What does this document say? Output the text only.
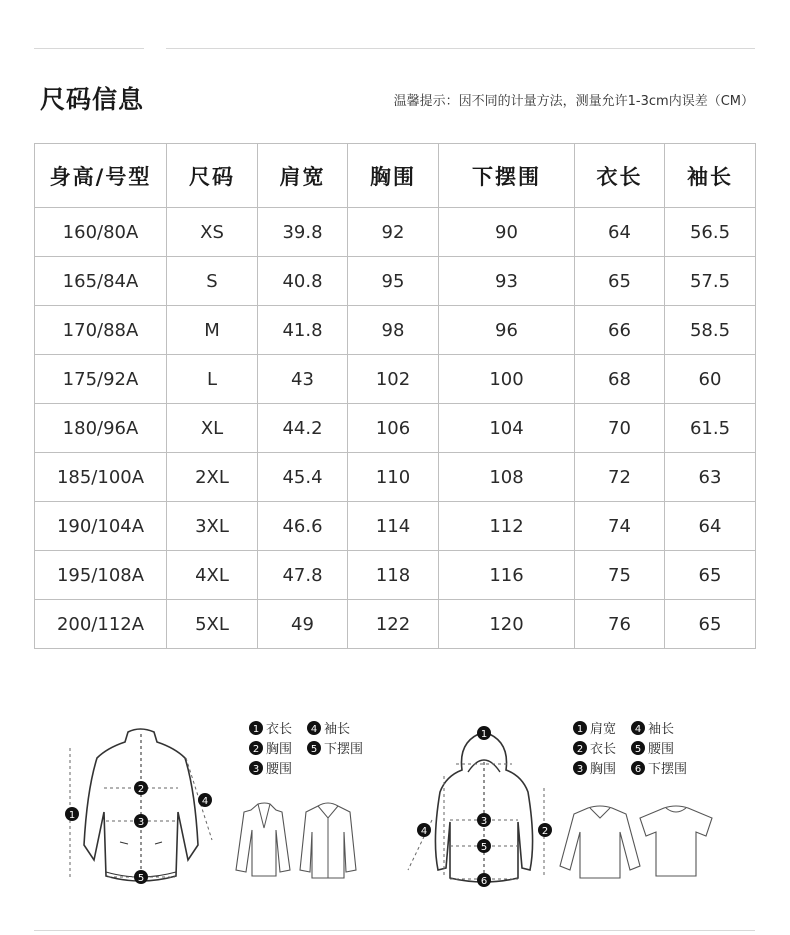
尺码信息	温馨提示：因不同的计量方法，测量允许1-3cm内误差（CM）
身高/号型	尺码	肩宽	胸围	下摆围	衣长	袖长
160/80A	XS	39.8	92	90	64	56.5
165/84A	S	40.8	95	93	65	57.5
170/88A	M	41.8	98	96	66	58.5
175/92A	L	43	102	100	68	60
180/96A	XL	44.2	106	104	70	61.5
185/100A	2XL	45.4	110	108	72	63
190/104A	3XL	46.6	114	112	74	64
195/108A	4XL	47.8	118	116	75	65
200/112A	5XL	49	122	120	76	65
1
2
3
4
5
1 衣长 4 袖长
2 胸围 5 下摆围
3 腰围
1
2
3
4
5
6
1 肩宽 4 袖长
2 衣长 5 腰围
3 胸围 6 下摆围
